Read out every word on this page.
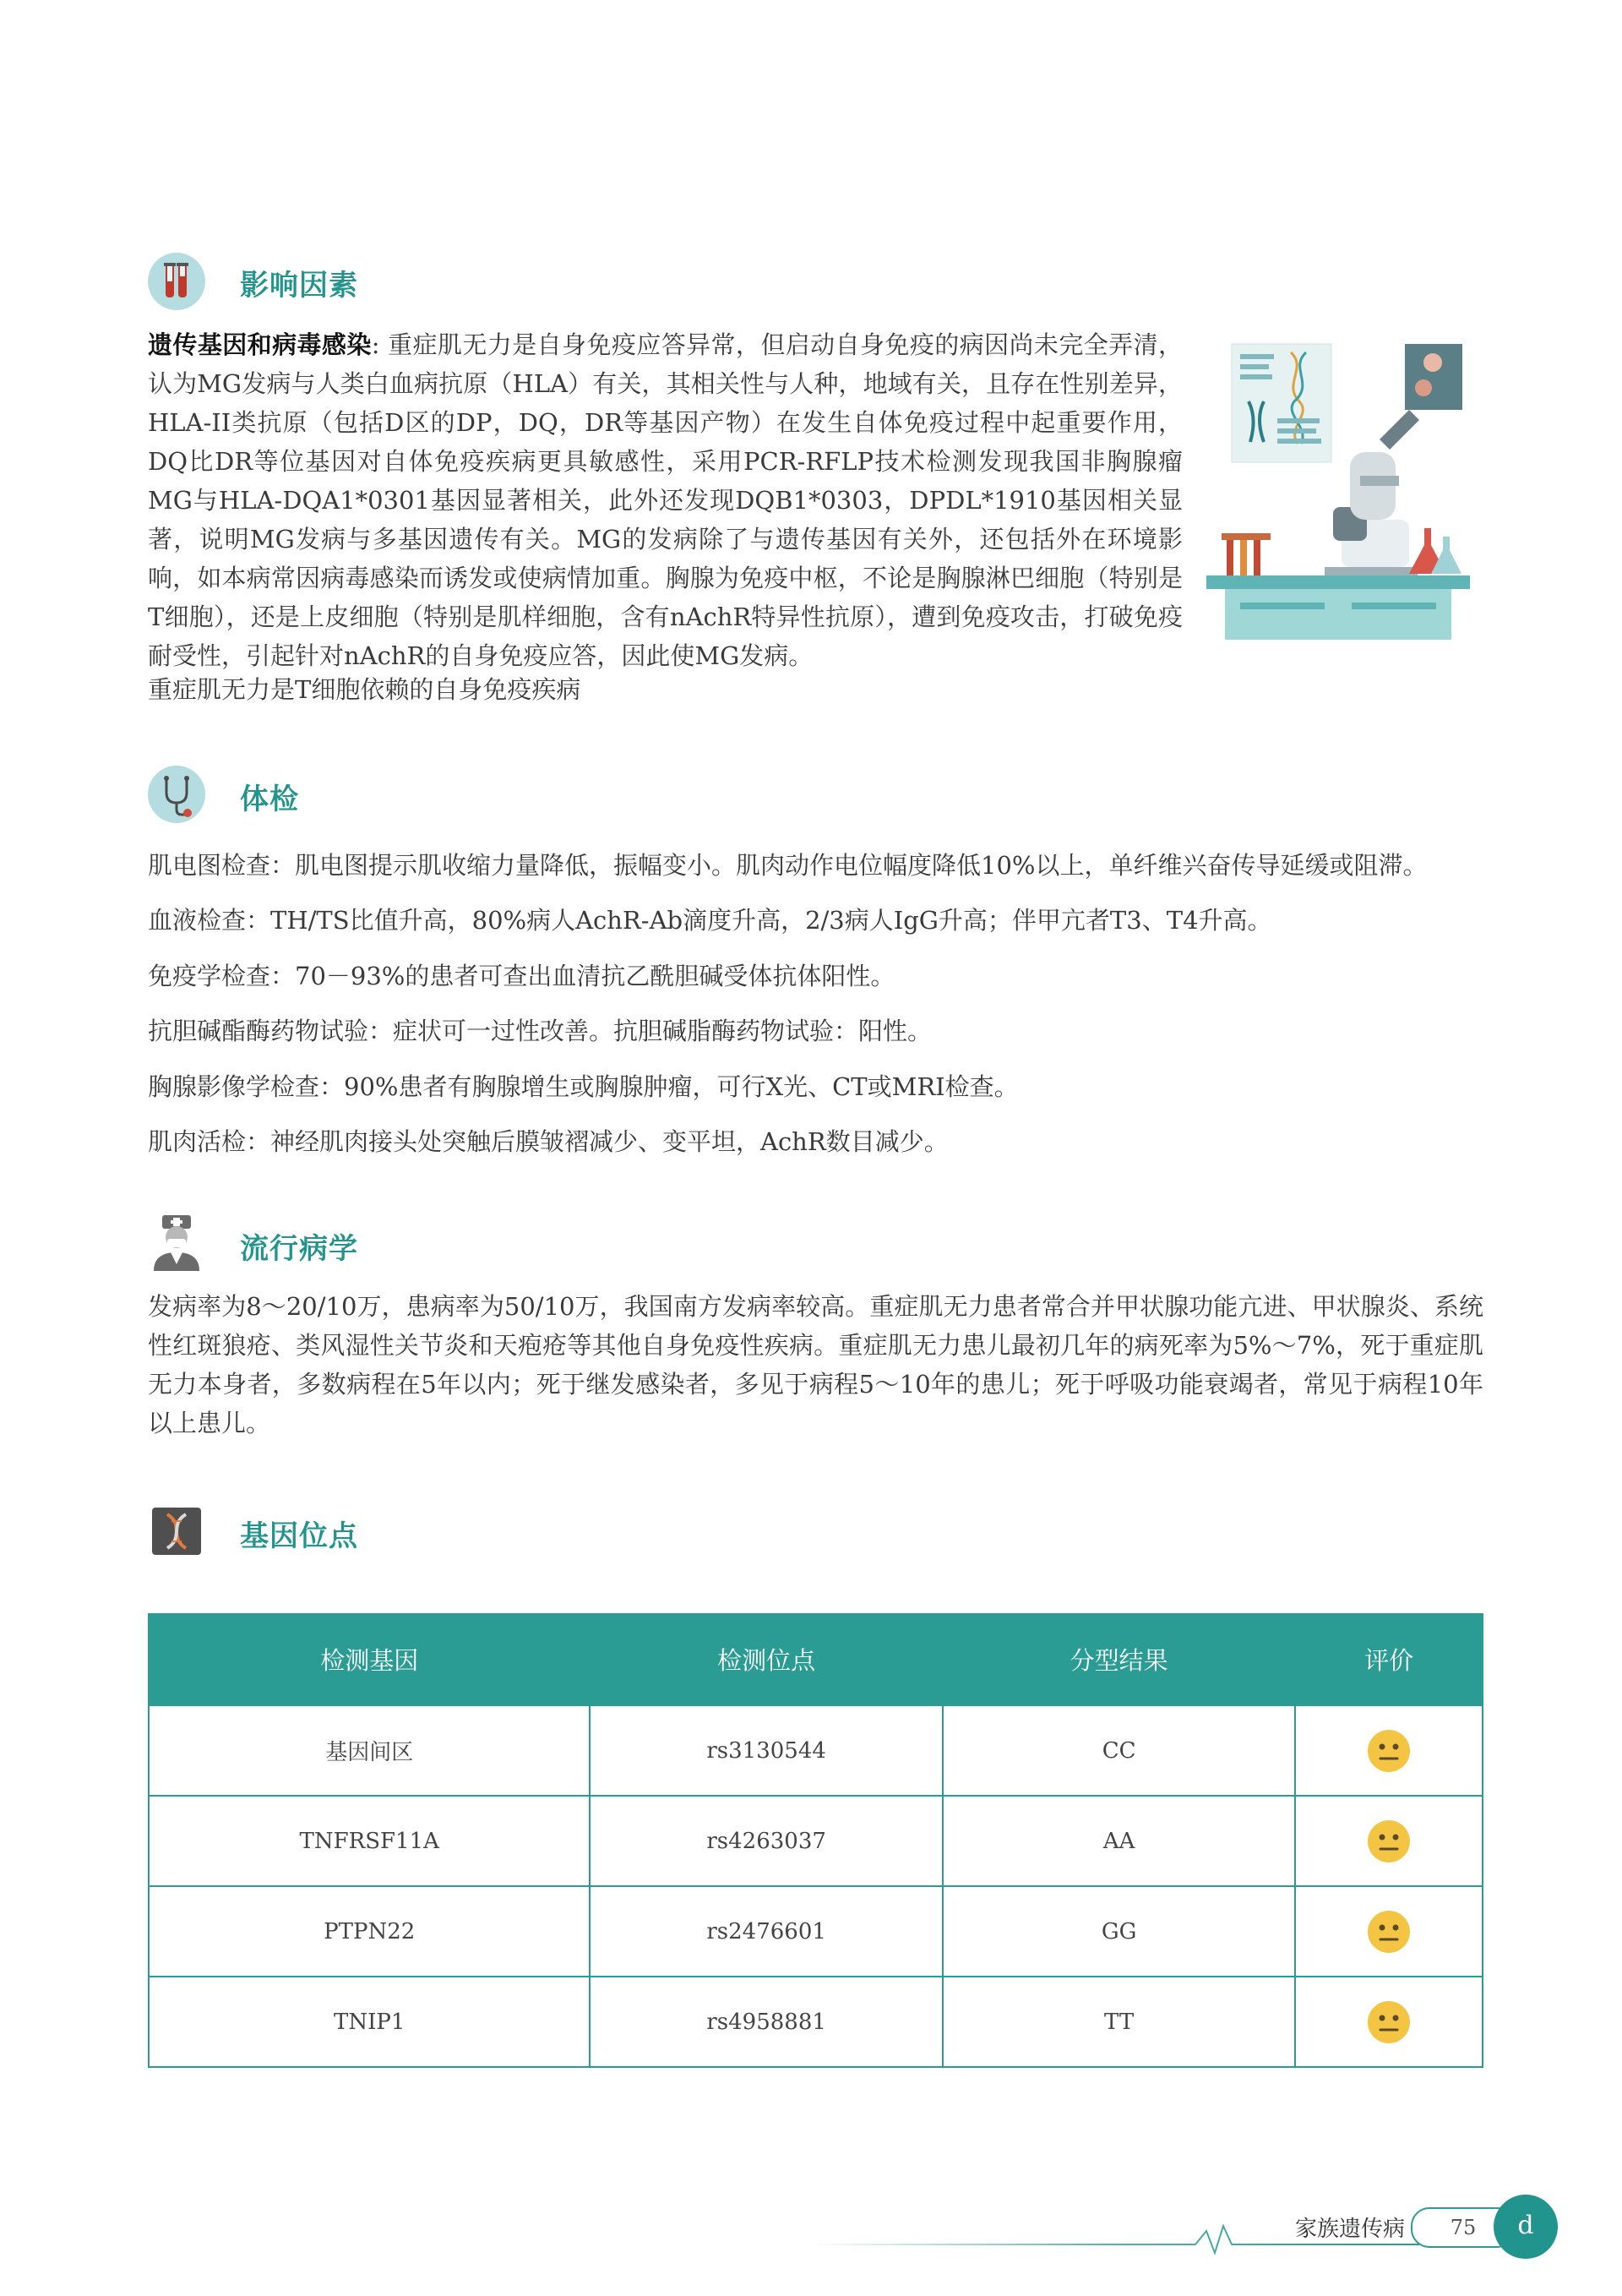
影响因素
遗传基因和病毒感染: 重症肌无力是自身免疫应答异常，但启动自身免疫的病因尚未完全弄清，认为MG发病与人类白血病抗原（HLA）有关，其相关性与人种，地域有关，且存在性别差异，HLA-II类抗原（包括D区的DP，DQ，DR等基因产物）在发生自体免疫过程中起重要作用，DQ比DR等位基因对自体免疫疾病更具敏感性，采用PCR-RFLP技术检测发现我国非胸腺瘤MG与HLA-DQA1*0301基因显著相关，此外还发现DQB1*0303，DPDL*1910基因相关显著，说明MG发病与多基因遗传有关。MG的发病除了与遗传基因有关外，还包括外在环境影响，如本病常因病毒感染而诱发或使病情加重。胸腺为免疫中枢，不论是胸腺淋巴细胞（特别是T细胞），还是上皮细胞（特别是肌样细胞，含有nAchR特异性抗原），遭到免疫攻击，打破免疫耐受性，引起针对nAchR的自身免疫应答，因此使MG发病。
重症肌无力是T细胞依赖的自身免疫疾病
体检
肌电图检查：肌电图提示肌收缩力量降低，振幅变小。肌肉动作电位幅度降低10%以上，单纤维兴奋传导延缓或阻滞。
血液检查：TH/TS比值升高，80%病人AchR-Ab滴度升高，2/3病人IgG升高；伴甲亢者T3、T4升高。
免疫学检查：70－93%的患者可查出血清抗乙酰胆碱受体抗体阳性。
抗胆碱酯酶药物试验：症状可一过性改善。抗胆碱脂酶药物试验：阳性。
胸腺影像学检查：90%患者有胸腺增生或胸腺肿瘤，可行X光、CT或MRI检查。
肌肉活检：神经肌肉接头处突触后膜皱褶减少、变平坦，AchR数目减少。
流行病学
发病率为8～20/10万，患病率为50/10万，我国南方发病率较高。重症肌无力患者常合并甲状腺功能亢进、甲状腺炎、系统性红斑狼疮、类风湿性关节炎和天疱疮等其他自身免疫性疾病。重症肌无力患儿最初几年的病死率为5%～7%，死于重症肌无力本身者，多数病程在5年以内；死于继发感染者，多见于病程5～10年的患儿；死于呼吸功能衰竭者，常见于病程10年以上患儿。
基因位点
检测基因	检测位点	分型结果	评价
基因间区	rs3130544	CC	
TNFRSF11A	rs4263037	AA	
PTPN22	rs2476601	GG	
TNIP1	rs4958881	TT	
家族遗传病	75	d
